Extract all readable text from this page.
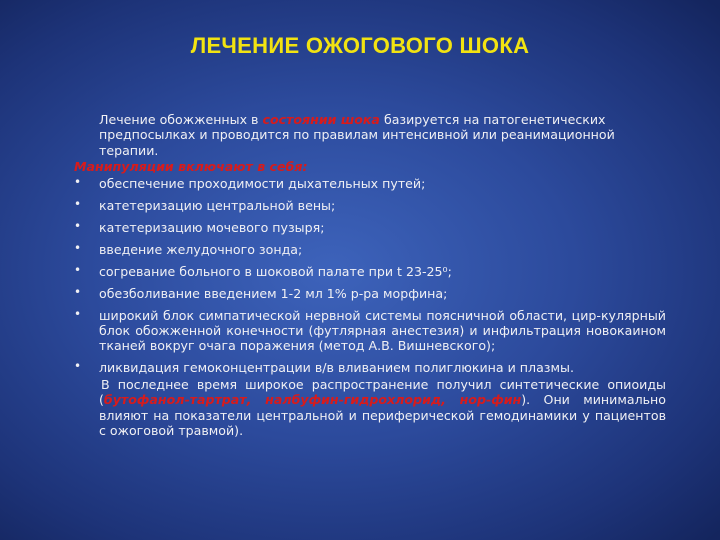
ЛЕЧЕНИЕ ОЖОГОВОГО ШОКА
Лечение обожженных в состоянии шока базируется на патогенетических предпосылках и проводится по правилам интенсивной или реанимационной терапии.
Манипуляции включают в себя:
• обеспечение проходимости дыхательных путей;
• катетеризацию центральной вены;
• катетеризацию мочевого пузыря;
• введение желудочного зонда;
• согревание больного в шоковой палате при t 23-25⁰;
• обезболивание введением 1-2 мл 1% р-ра морфина;
• широкий блок симпатической нервной системы поясничной области, цир-кулярный блок обожженной конечности (футлярная анестезия) и инфильтрация новокаином тканей вокруг очага поражения (метод А.В. Вишневского);
• ликвидация гемоконцентрации в/в вливанием полиглюкина и плазмы.
В последнее время широкое распространение получил синтетические опиоиды (бутофанол-тартрат, налбуфин-гидрохлорид, нор-фин). Они минимально влияют на показатели центральной и периферической гемодинамики у пациентов с ожоговой травмой).
